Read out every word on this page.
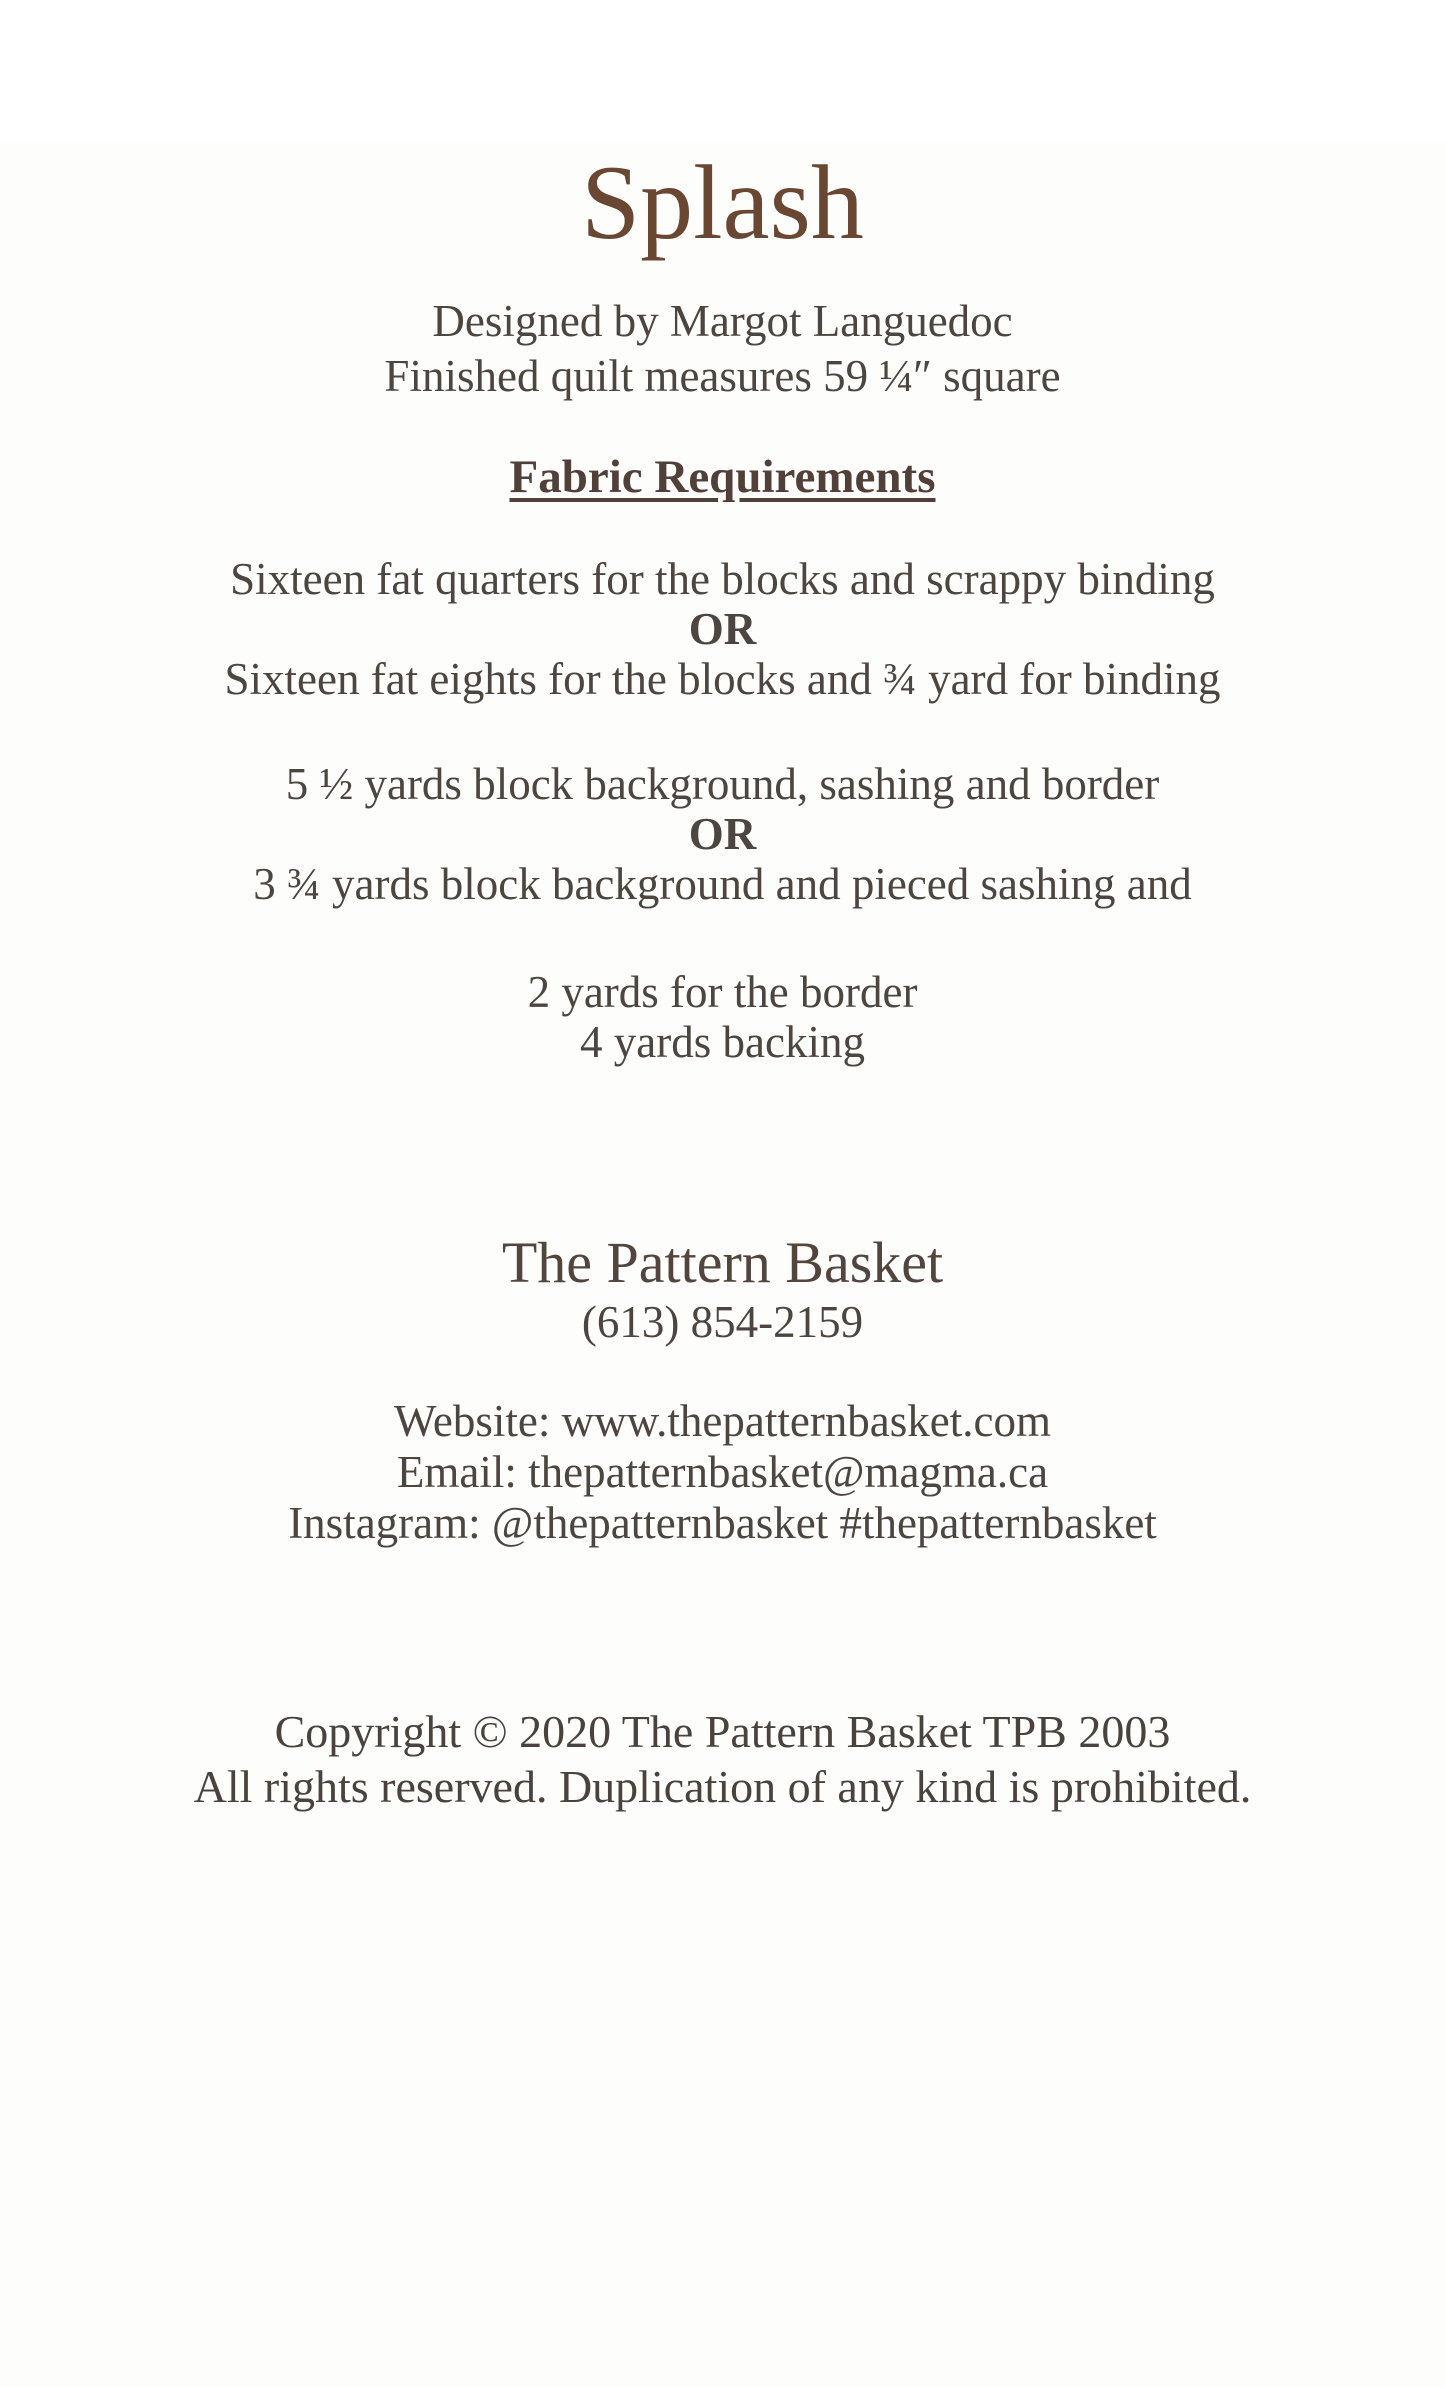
Splash
Designed by Margot Languedoc
Finished quilt measures 59 ¼″ square
Fabric Requirements
Sixteen fat quarters for the blocks and scrappy binding
OR
Sixteen fat eights for the blocks and ¾ yard for binding
5 ½ yards block background, sashing and border
OR
3 ¾ yards block background and pieced sashing and
2 yards for the border
4 yards backing
The Pattern Basket
(613) 854-2159
Website: www.thepatternbasket.com
Email: thepatternbasket@magma.ca
Instagram: @thepatternbasket #thepatternbasket
Copyright © 2020 The Pattern Basket TPB 2003
All rights reserved. Duplication of any kind is prohibited.
